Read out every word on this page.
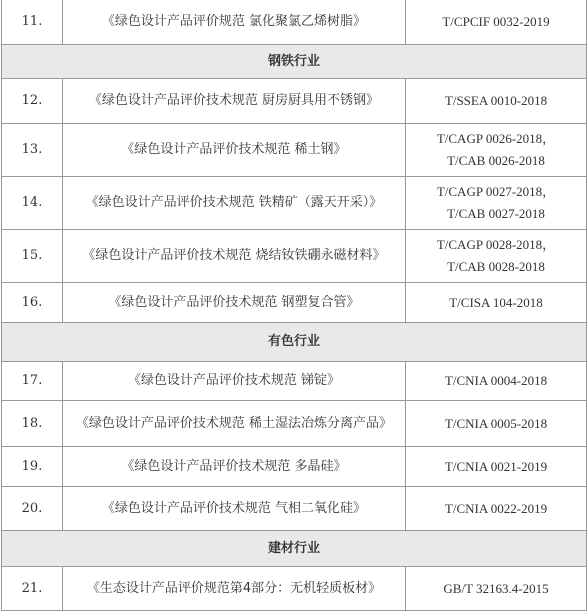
11.	《绿色设计产品评价规范 氯化聚氯乙烯树脂》	T/CPCIF 0032-2019

钢铁行业		
12.	《绿色设计产品评价技术规范 厨房厨具用不锈钢》	T/SSEA 0010-2018

13.	《绿色设计产品评价技术规范 稀土钢》	T/CAGP 0026-2018，
T/CAB 0026-2018

14.	《绿色设计产品评价技术规范 铁精矿（露天开采）》	T/CAGP 0027-2018，
T/CAB 0027-2018

15.	《绿色设计产品评价技术规范 烧结钕铁硼永磁材料》	T/CAGP 0028-2018，
T/CAB 0028-2018

16.	《绿色设计产品评价技术规范 钢塑复合管》	T/CISA 104-2018

有色行业		
17.	《绿色设计产品评价技术规范 锑锭》	T/CNIA 0004-2018

18.	《绿色设计产品评价技术规范 稀土湿法冶炼分离产品》	T/CNIA 0005-2018

19.	《绿色设计产品评价技术规范 多晶硅》	T/CNIA 0021-2019

20.	《绿色设计产品评价技术规范 气相二氧化硅》	T/CNIA 0022-2019

建材行业		
21.	《生态设计产品评价规范第4部分：无机轻质板材》	GB/T 32163.4-2015
